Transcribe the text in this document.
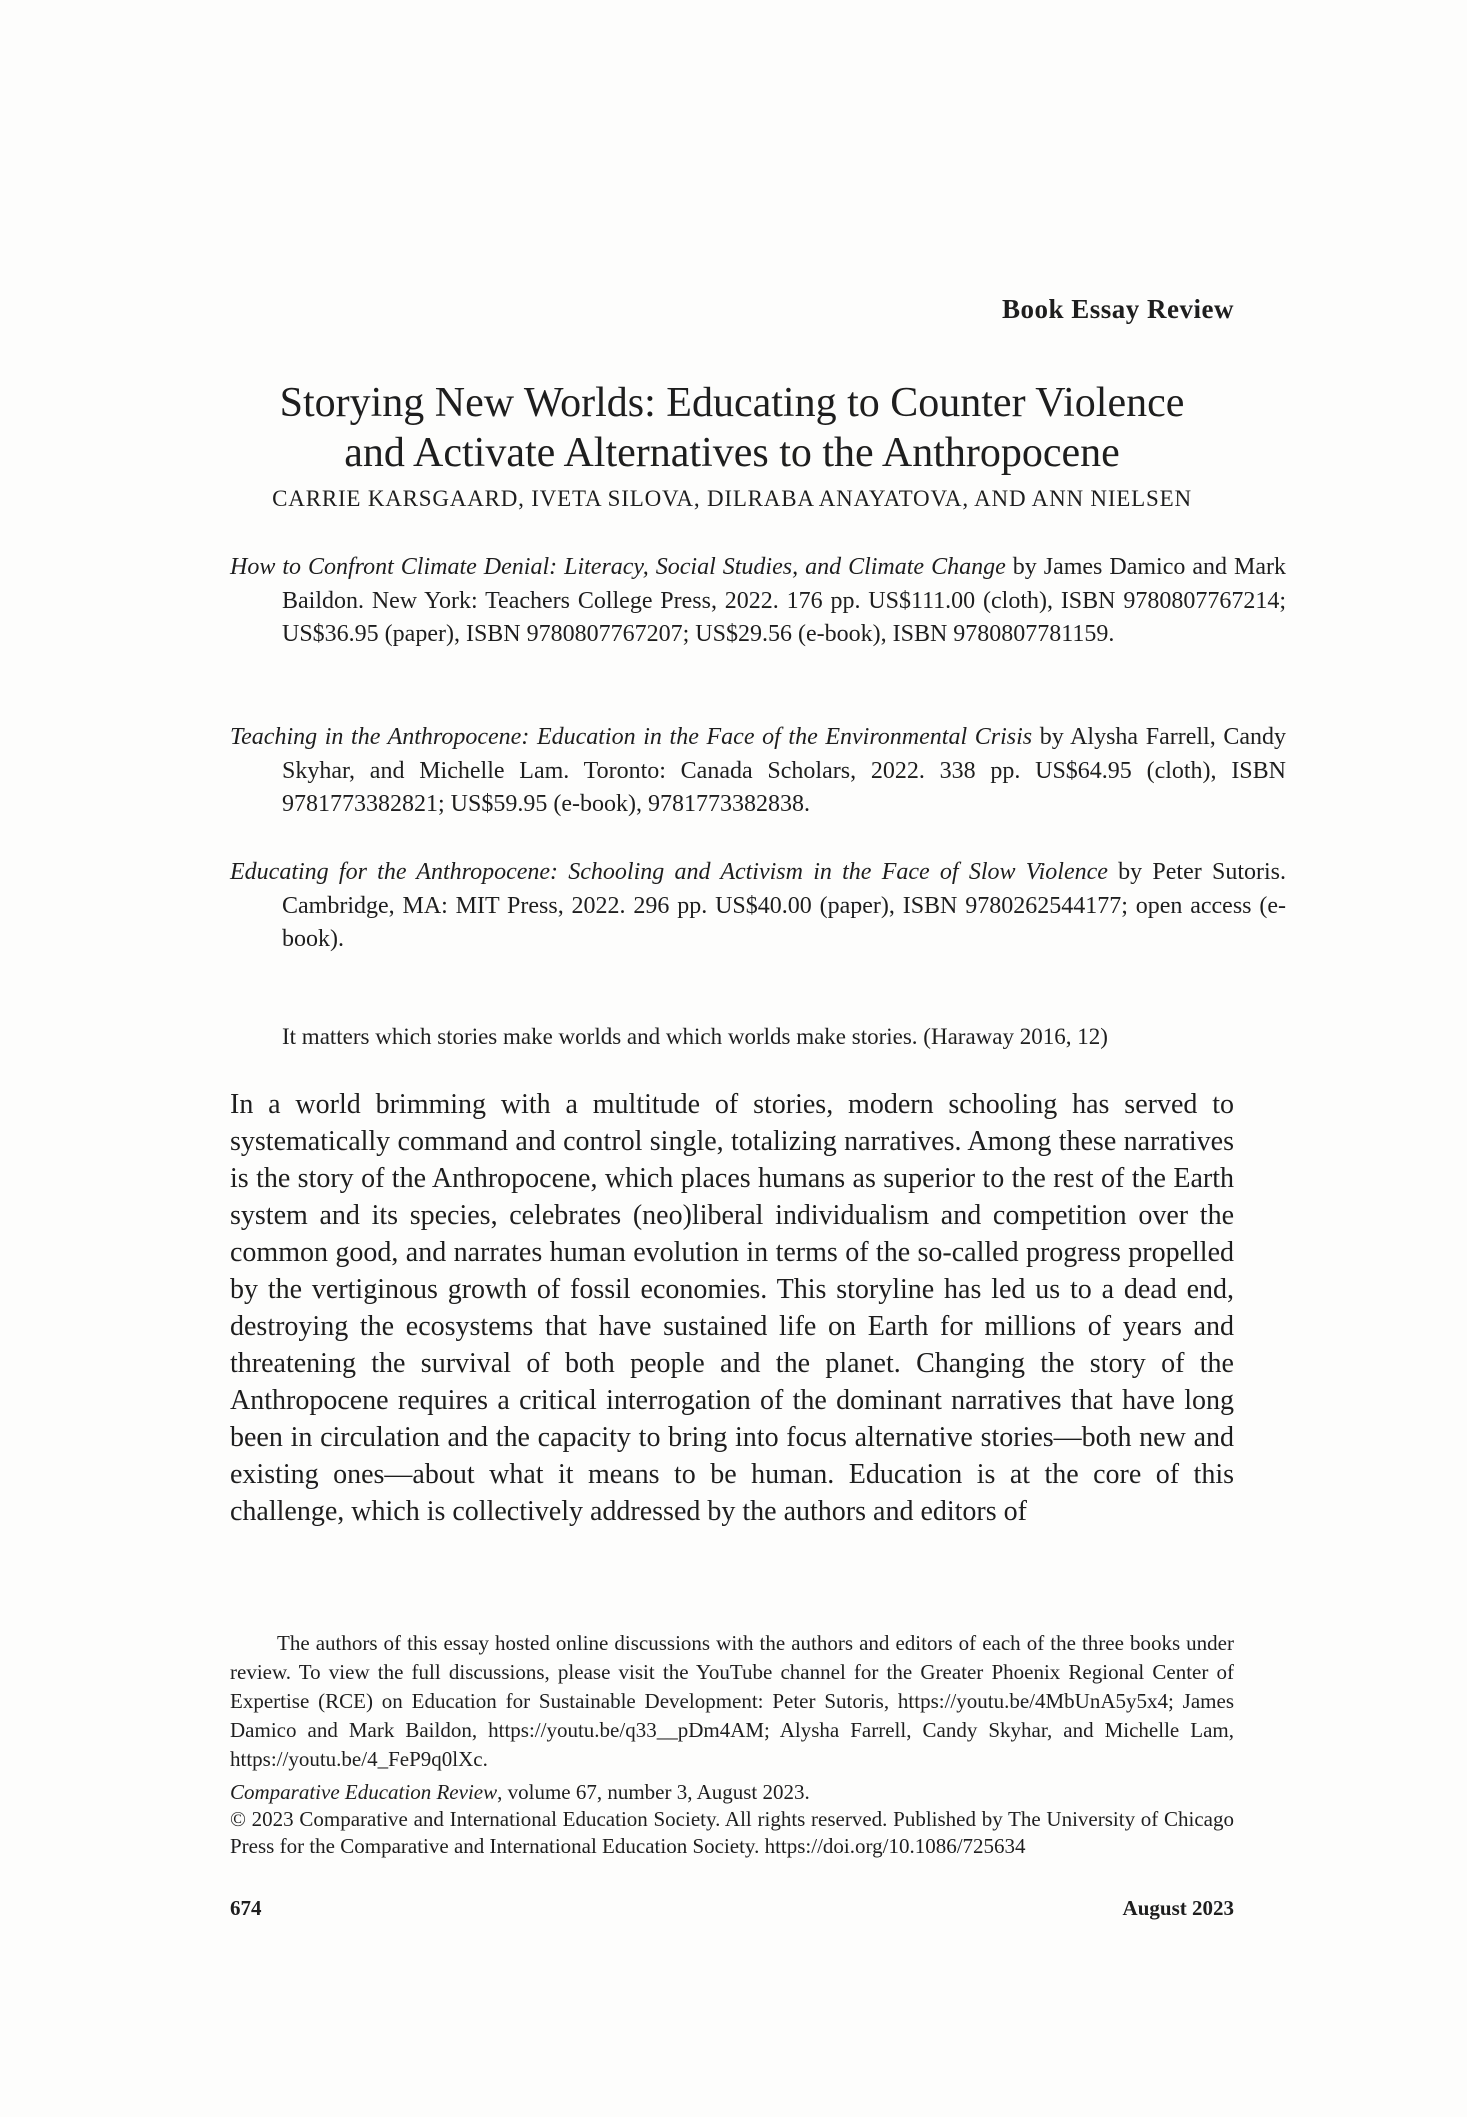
Book Essay Review
Storying New Worlds: Educating to Counter Violence
and Activate Alternatives to the Anthropocene
CARRIE KARSGAARD, IVETA SILOVA, DILRABA ANAYATOVA, AND ANN NIELSEN

How to Confront Climate Denial: Literacy, Social Studies, and Climate Change by James Damico and Mark Baildon. New York: Teachers College Press, 2022. 176 pp. US$111.00 (cloth), ISBN 9780807767214; US$36.95 (paper), ISBN 9780807767207; US$29.56 (e-book), ISBN 9780807781159.

Teaching in the Anthropocene: Education in the Face of the Environmental Crisis by Alysha Farrell, Candy Skyhar, and Michelle Lam. Toronto: Canada Scholars, 2022. 338 pp. US$64.95 (cloth), ISBN 9781773382821; US$59.95 (e-book), 9781773382838.

Educating for the Anthropocene: Schooling and Activism in the Face of Slow Violence by Peter Sutoris. Cambridge, MA: MIT Press, 2022. 296 pp. US$40.00 (paper), ISBN 9780262544177; open access (e-book).

It matters which stories make worlds and which worlds make stories. (Haraway 2016, 12)

In a world brimming with a multitude of stories, modern schooling has served to systematically command and control single, totalizing narratives. Among these narratives is the story of the Anthropocene, which places humans as superior to the rest of the Earth system and its species, celebrates (neo)liberal individualism and competition over the common good, and narrates human evolution in terms of the so-called progress propelled by the vertiginous growth of fossil economies. This storyline has led us to a dead end, destroying the ecosystems that have sustained life on Earth for millions of years and threatening the survival of both people and the planet. Changing the story of the Anthropocene requires a critical interrogation of the dominant narratives that have long been in circulation and the capacity to bring into focus alternative stories—both new and existing ones—about what it means to be human. Education is at the core of this challenge, which is collectively addressed by the authors and editors of

The authors of this essay hosted online discussions with the authors and editors of each of the three books under review. To view the full discussions, please visit the YouTube channel for the Greater Phoenix Regional Center of Expertise (RCE) on Education for Sustainable Development: Peter Sutoris, https://youtu.be/4MbUnA5y5x4; James Damico and Mark Baildon, https://youtu.be/q33__pDm4AM; Alysha Farrell, Candy Skyhar, and Michelle Lam, https://youtu.be/4_FeP9q0lXc.

Comparative Education Review, volume 67, number 3, August 2023.
© 2023 Comparative and International Education Society. All rights reserved. Published by The University of Chicago Press for the Comparative and International Education Society. https://doi.org/10.1086/725634

674	August 2023
